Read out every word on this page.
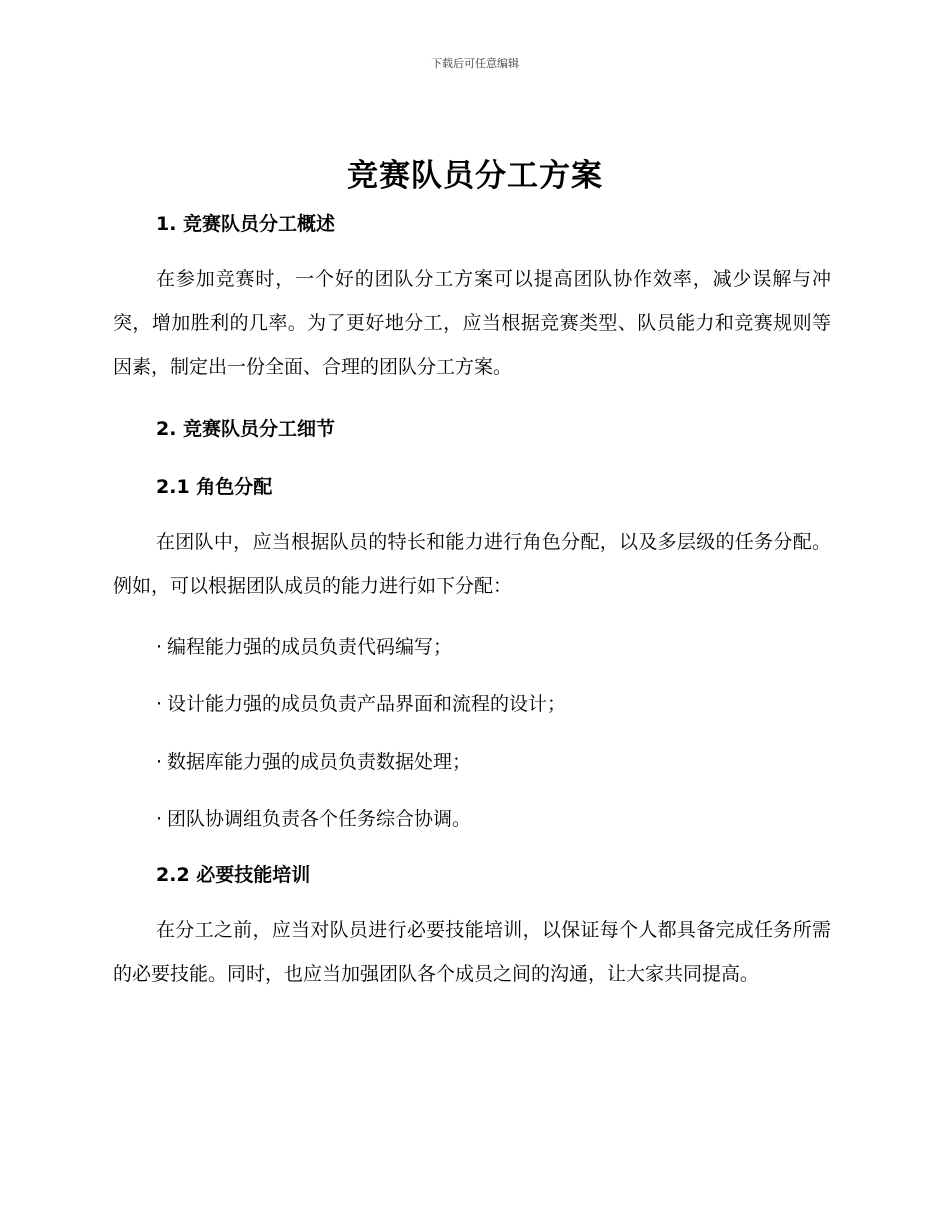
下载后可任意编辑
竞赛队员分工方案
1. 竞赛队员分工概述
在参加竞赛时，一个好的团队分工方案可以提高团队协作效率，减少误解与冲突，增加胜利的几率。为了更好地分工，应当根据竞赛类型、队员能力和竞赛规则等因素，制定出一份全面、合理的团队分工方案。
2. 竞赛队员分工细节
2.1 角色分配
在团队中，应当根据队员的特长和能力进行角色分配，以及多层级的任务分配。例如，可以根据团队成员的能力进行如下分配：
· 编程能力强的成员负责代码编写；
· 设计能力强的成员负责产品界面和流程的设计；
· 数据库能力强的成员负责数据处理；
· 团队协调组负责各个任务综合协调。
2.2 必要技能培训
在分工之前，应当对队员进行必要技能培训，以保证每个人都具备完成任务所需的必要技能。同时，也应当加强团队各个成员之间的沟通，让大家共同提高。
